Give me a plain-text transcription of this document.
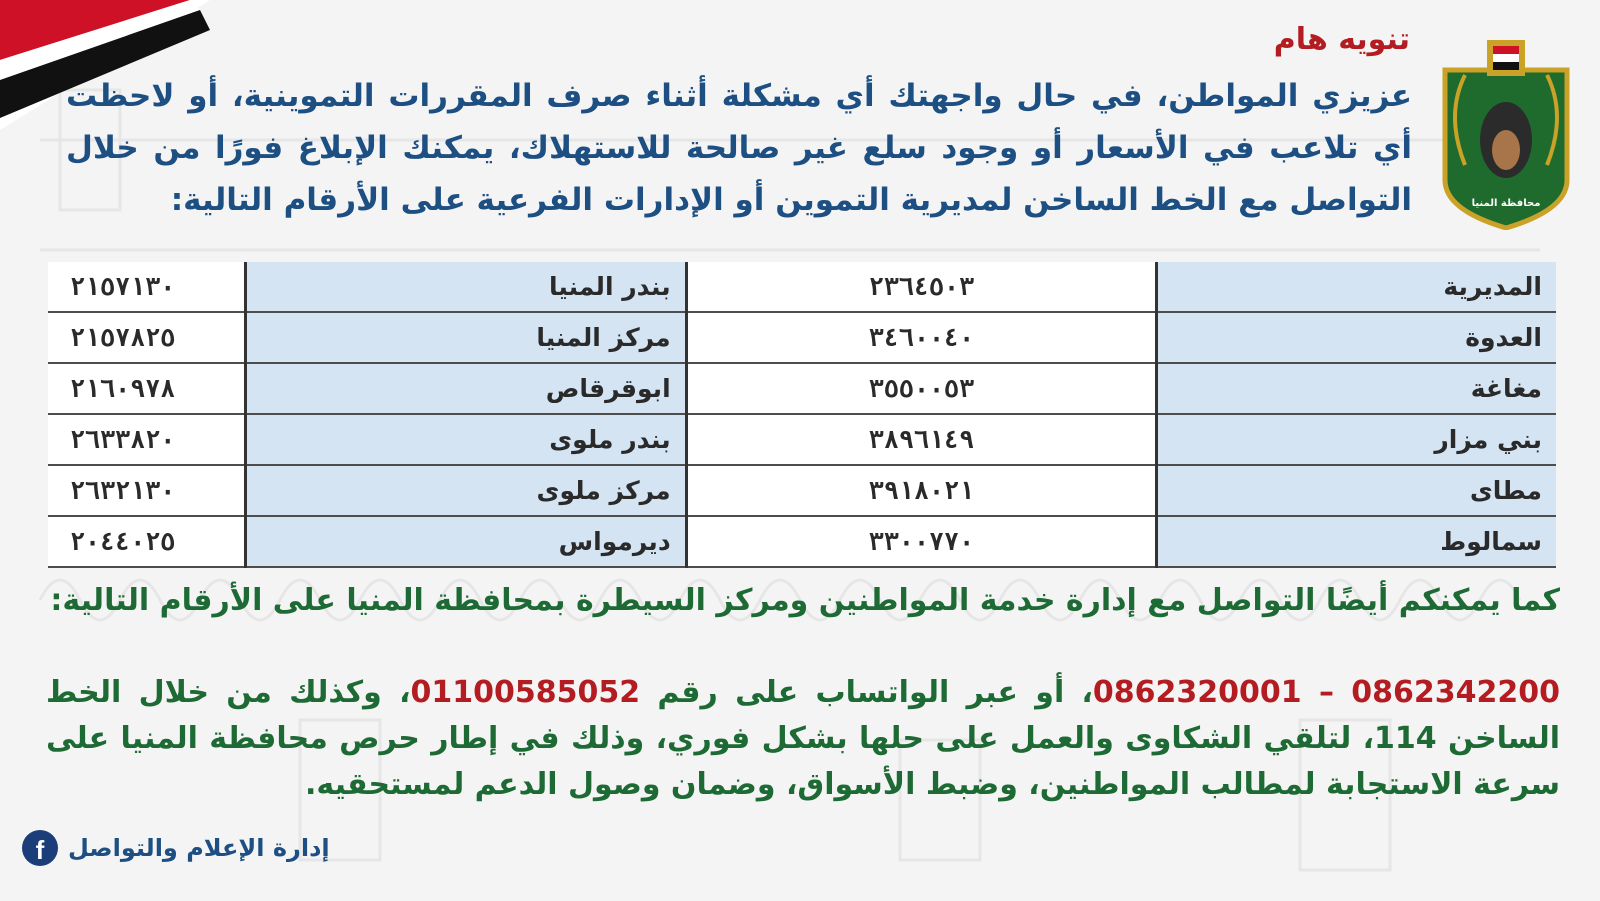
محافظة المنيا
تنويه هام
عزيزي المواطن، في حال واجهتك أي مشكلة أثناء صرف المقررات التموينية، أو لاحظت أي تلاعب في الأسعار أو وجود سلع غير صالحة للاستهلاك، يمكنك الإبلاغ فورًا من خلال التواصل مع الخط الساخن لمديرية التموين أو الإدارات الفرعية على الأرقام التالية:
المديرية	٢٣٦٤٥٠٣	بندر المنيا	٢١٥٧١٣٠
العدوة	٣٤٦٠٠٤٠	مركز المنيا	٢١٥٧٨٢٥
مغاغة	٣٥٥٠٠٥٣	ابوقرقاص	٢١٦٠٩٧٨
بني مزار	٣٨٩٦١٤٩	بندر ملوى	٢٦٣٣٨٢٠
مطاى	٣٩١٨٠٢١	مركز ملوى	٢٦٣٢١٣٠
سمالوط	٣٣٠٠٧٧٠	ديرمواس	٢٠٤٤٠٢٥
كما يمكنكم أيضًا التواصل مع إدارة خدمة المواطنين ومركز السيطرة بمحافظة المنيا على الأرقام التالية:
0862342200 – 0862320001، أو عبر الواتساب على رقم 01100585052، وكذلك من خلال الخط الساخن 114، لتلقي الشكاوى والعمل على حلها بشكل فوري، وذلك في إطار حرص محافظة المنيا على سرعة الاستجابة لمطالب المواطنين، وضبط الأسواق، وضمان وصول الدعم لمستحقيه.
f إدارة الإعلام والتواصل
